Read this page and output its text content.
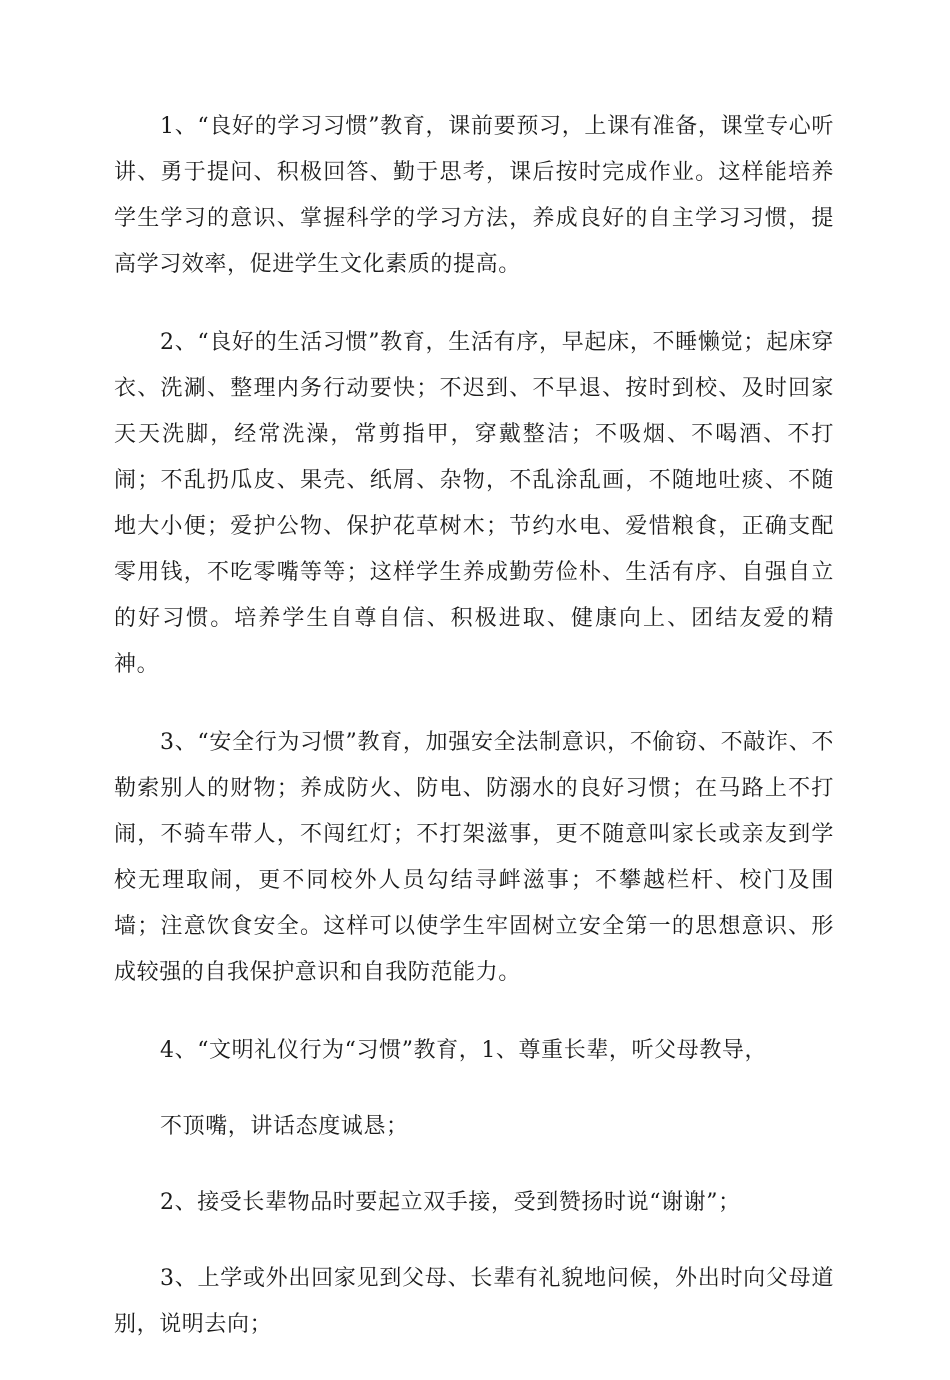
1、“良好的学习习惯”教育，课前要预习，上课有准备，课堂专心听讲、勇于提问、积极回答、勤于思考，课后按时完成作业。这样能培养学生学习的意识、掌握科学的学习方法，养成良好的自主学习习惯，提高学习效率，促进学生文化素质的提高。

2、“良好的生活习惯”教育，生活有序，早起床，不睡懒觉；起床穿衣、洗涮、整理内务行动要快；不迟到、不早退、按时到校、及时回家天天洗脚，经常洗澡，常剪指甲，穿戴整洁；不吸烟、不喝酒、不打闹；不乱扔瓜皮、果壳、纸屑、杂物，不乱涂乱画，不随地吐痰、不随地大小便；爱护公物、保护花草树木；节约水电、爱惜粮食，正确支配零用钱，不吃零嘴等等；这样学生养成勤劳俭朴、生活有序、自强自立的好习惯。培养学生自尊自信、积极进取、健康向上、团结友爱的精神。

3、“安全行为习惯”教育，加强安全法制意识，不偷窃、不敲诈、不勒索别人的财物；养成防火、防电、防溺水的良好习惯；在马路上不打闹，不骑车带人，不闯红灯；不打架滋事，更不随意叫家长或亲友到学校无理取闹，更不同校外人员勾结寻衅滋事；不攀越栏杆、校门及围墙；注意饮食安全。这样可以使学生牢固树立安全第一的思想意识、形成较强的自我保护意识和自我防范能力。

4、“文明礼仪行为“习惯”教育，1、尊重长辈，听父母教导，

不顶嘴，讲话态度诚恳；

2、接受长辈物品时要起立双手接，受到赞扬时说“谢谢”；

3、上学或外出回家见到父母、长辈有礼貌地问候，外出时向父母道别，说明去向；
